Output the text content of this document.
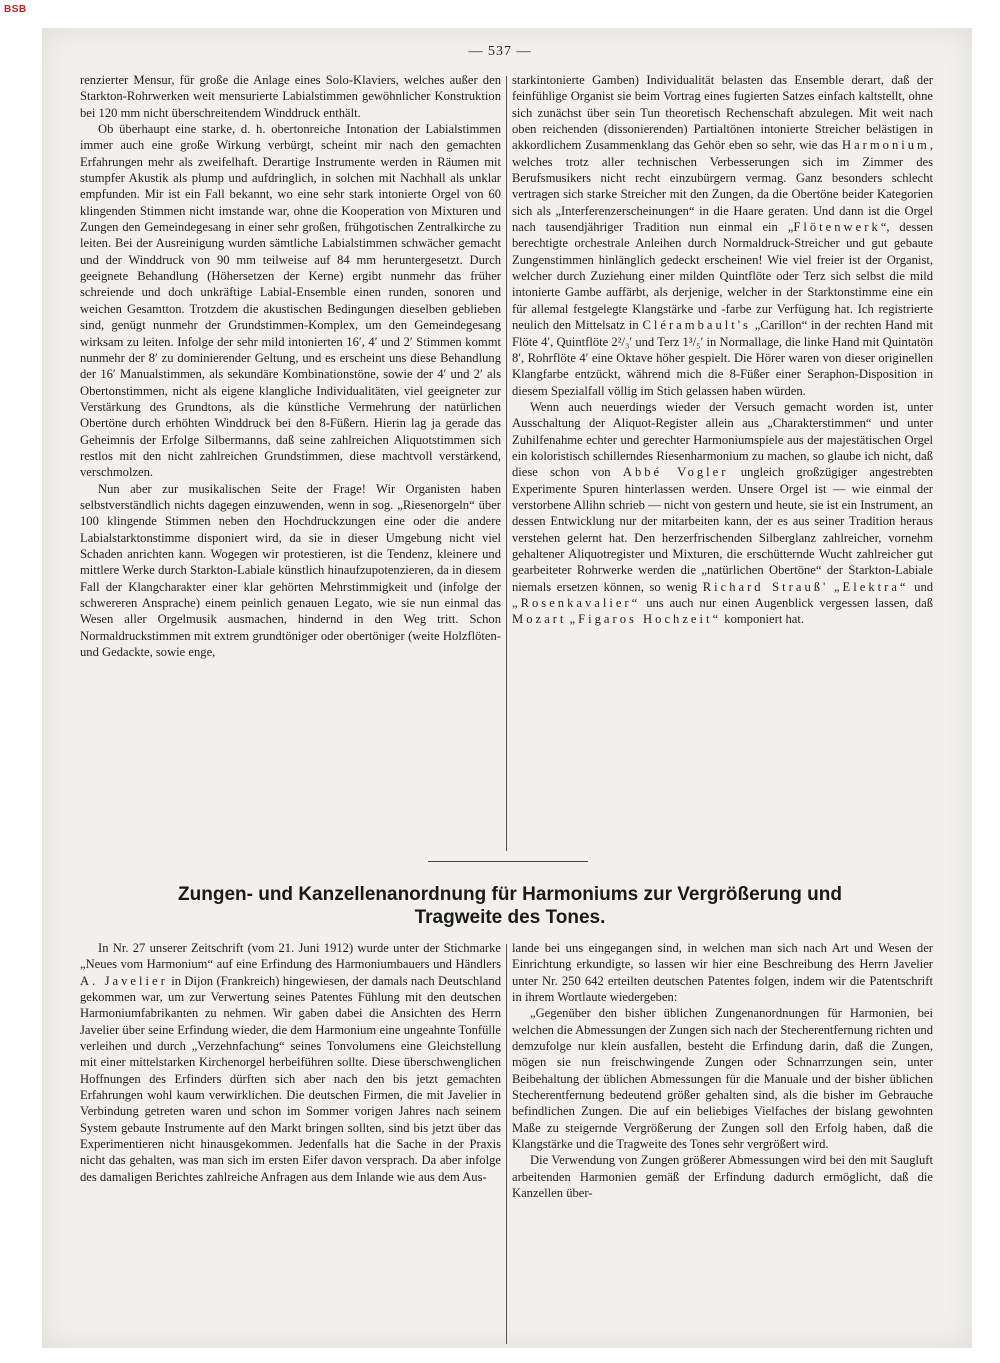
BSB
— 537 —

renzierter Mensur, für große die Anlage eines Solo-Klaviers, welches außer den Starkton-Rohrwerken weit mensurierte Labialstimmen gewöhnlicher Konstruktion bei 120 mm nicht überschreitendem Winddruck enthält.

Ob überhaupt eine starke, d. h. obertonreiche Intonation der Labialstimmen immer auch eine große Wirkung verbürgt, scheint mir nach den gemachten Erfahrungen mehr als zweifelhaft. Derartige Instrumente werden in Räumen mit stumpfer Akustik als plump und aufdringlich, in solchen mit Nachhall als unklar empfunden. Mir ist ein Fall bekannt, wo eine sehr stark intonierte Orgel von 60 klingenden Stimmen nicht imstande war, ohne die Kooperation von Mixturen und Zungen den Gemeindegesang in einer sehr großen, frühgotischen Zentralkirche zu leiten. Bei der Ausreinigung wurden sämtliche Labialstimmen schwächer gemacht und der Winddruck von 90 mm teilweise auf 84 mm heruntergesetzt. Durch geeignete Behandlung (Höhersetzen der Kerne) ergibt nunmehr das früher schreiende und doch unkräftige Labial-Ensemble einen runden, sonoren und weichen Gesamtton. Trotzdem die akustischen Bedingungen dieselben geblieben sind, genügt nunmehr der Grundstimmen-Komplex, um den Gemeindegesang wirksam zu leiten. Infolge der sehr mild intonierten 16′, 4′ und 2′ Stimmen kommt nunmehr der 8′ zu dominierender Geltung, und es erscheint uns diese Behandlung der 16′ Manualstimmen, als sekundäre Kombinationstöne, sowie der 4′ und 2′ als Obertonstimmen, nicht als eigene klangliche Individualitäten, viel geeigneter zur Verstärkung des Grundtons, als die künstliche Vermehrung der natürlichen Obertöne durch erhöhten Winddruck bei den 8-Füßern. Hierin lag ja gerade das Geheimnis der Erfolge Silbermanns, daß seine zahlreichen Aliquotstimmen sich restlos mit den nicht zahlreichen Grundstimmen, diese machtvoll verstärkend, verschmolzen.

Nun aber zur musikalischen Seite der Frage! Wir Organisten haben selbstverständlich nichts dagegen einzuwenden, wenn in sog. „Riesenorgeln“ über 100 klingende Stimmen neben den Hochdruckzungen eine oder die andere Labialstarktonstimme disponiert wird, da sie in dieser Umgebung nicht viel Schaden anrichten kann. Wogegen wir protestieren, ist die Tendenz, kleinere und mittlere Werke durch Starkton-Labiale künstlich hinaufzupotenzieren, da in diesem Fall der Klangcharakter einer klar gehörten Mehrstimmigkeit und (infolge der schwereren Ansprache) einem peinlich genauen Legato, wie sie nun einmal das Wesen aller Orgelmusik ausmachen, hindernd in den Weg tritt. Schon Normaldruckstimmen mit extrem grundtöniger oder obertöniger (weite Holzflöten- und Gedackte, sowie enge,

starkintonierte Gamben) Individualität belasten das Ensemble derart, daß der feinfühlige Organist sie beim Vortrag eines fugierten Satzes einfach kaltstellt, ohne sich zunächst über sein Tun theoretisch Rechenschaft abzulegen. Mit weit nach oben reichenden (dissonierenden) Partialtönen intonierte Streicher belästigen in akkordlichem Zusammenklang das Gehör eben so sehr, wie das Harmonium, welches trotz aller technischen Verbesserungen sich im Zimmer des Berufsmusikers nicht recht einzubürgern vermag. Ganz besonders schlecht vertragen sich starke Streicher mit den Zungen, da die Obertöne beider Kategorien sich als „Interferenzerscheinungen“ in die Haare geraten. Und dann ist die Orgel nach tausendjähriger Tradition nun einmal ein „Flötenwerk“, dessen berechtigte orchestrale Anleihen durch Normaldruck-Streicher und gut gebaute Zungenstimmen hinlänglich gedeckt erscheinen! Wie viel freier ist der Organist, welcher durch Zuziehung einer milden Quintflöte oder Terz sich selbst die mild intonierte Gambe auffärbt, als derjenige, welcher in der Starktonstimme eine ein für allemal festgelegte Klangstärke und -farbe zur Verfügung hat. Ich registrierte neulich den Mittelsatz in Clérambault's „Carillon“ in der rechten Hand mit Flöte 4′, Quintflöte 2²/₃′ und Terz 1³/₅′ in Normallage, die linke Hand mit Quintatön 8′, Rohrflöte 4′ eine Oktave höher gespielt. Die Hörer waren von dieser originellen Klangfarbe entzückt, während mich die 8-Füßer einer Seraphon-Disposition in diesem Spezialfall völlig im Stich gelassen haben würden.

Wenn auch neuerdings wieder der Versuch gemacht worden ist, unter Ausschaltung der Aliquot-Register allein aus „Charakterstimmen“ und unter Zuhilfenahme echter und gerechter Harmoniumspiele aus der majestätischen Orgel ein koloristisch schillerndes Riesenharmonium zu machen, so glaube ich nicht, daß diese schon von Abbé Vogler ungleich großzügiger angestrebten Experimente Spuren hinterlassen werden. Unsere Orgel ist — wie einmal der verstorbene Allihn schrieb — nicht von gestern und heute, sie ist ein Instrument, an dessen Entwicklung nur der mitarbeiten kann, der es aus seiner Tradition heraus verstehen gelernt hat. Den herzerfrischenden Silberglanz zahlreicher, vornehm gehaltener Aliquotregister und Mixturen, die erschütternde Wucht zahlreicher gut gearbeiteter Rohrwerke werden die „natürlichen Obertöne“ der Starkton-Labiale niemals ersetzen können, so wenig Richard Strauß' „Elektra“ und „Rosenkavalier“ uns auch nur einen Augenblick vergessen lassen, daß Mozart „Figaros Hochzeit“ komponiert hat.

Zungen- und Kanzellenanordnung für Harmoniums zur Vergrößerung und
Tragweite des Tones.

In Nr. 27 unserer Zeitschrift (vom 21. Juni 1912) wurde unter der Stichmarke „Neues vom Harmonium“ auf eine Erfindung des Harmoniumbauers und Händlers A. Javelier in Dijon (Frankreich) hingewiesen, der damals nach Deutschland gekommen war, um zur Verwertung seines Patentes Fühlung mit den deutschen Harmoniumfabrikanten zu nehmen. Wir gaben dabei die Ansichten des Herrn Javelier über seine Erfindung wieder, die dem Harmonium eine ungeahnte Tonfülle verleihen und durch „Verzehnfachung“ seines Tonvolumens eine Gleichstellung mit einer mittelstarken Kirchenorgel herbeiführen sollte. Diese überschwenglichen Hoffnungen des Erfinders dürften sich aber nach den bis jetzt gemachten Erfahrungen wohl kaum verwirklichen. Die deutschen Firmen, die mit Javelier in Verbindung getreten waren und schon im Sommer vorigen Jahres nach seinem System gebaute Instrumente auf den Markt bringen sollten, sind bis jetzt über das Experimentieren nicht hinausgekommen. Jedenfalls hat die Sache in der Praxis nicht das gehalten, was man sich im ersten Eifer davon versprach. Da aber infolge des damaligen Berichtes zahlreiche Anfragen aus dem Inlande wie aus dem Aus-

lande bei uns eingegangen sind, in welchen man sich nach Art und Wesen der Einrichtung erkundigte, so lassen wir hier eine Beschreibung des Herrn Javelier unter Nr. 250 642 erteilten deutschen Patentes folgen, indem wir die Patentschrift in ihrem Wortlaute wiedergeben:

„Gegenüber den bisher üblichen Zungenanordnungen für Harmonien, bei welchen die Abmessungen der Zungen sich nach der Stecherentfernung richten und demzufolge nur klein ausfallen, besteht die Erfindung darin, daß die Zungen, mögen sie nun freischwingende Zungen oder Schnarrzungen sein, unter Beibehaltung der üblichen Abmessungen für die Manuale und der bisher üblichen Stecherentfernung bedeutend größer gehalten sind, als die bisher im Gebrauche befindlichen Zungen. Die auf ein beliebiges Vielfaches der bislang gewohnten Maße zu steigernde Vergrößerung der Zungen soll den Erfolg haben, daß die Klangstärke und die Tragweite des Tones sehr vergrößert wird.

Die Verwendung von Zungen größerer Abmessungen wird bei den mit Saugluft arbeitenden Harmonien gemäß der Erfindung dadurch ermöglicht, daß die Kanzellen über-
